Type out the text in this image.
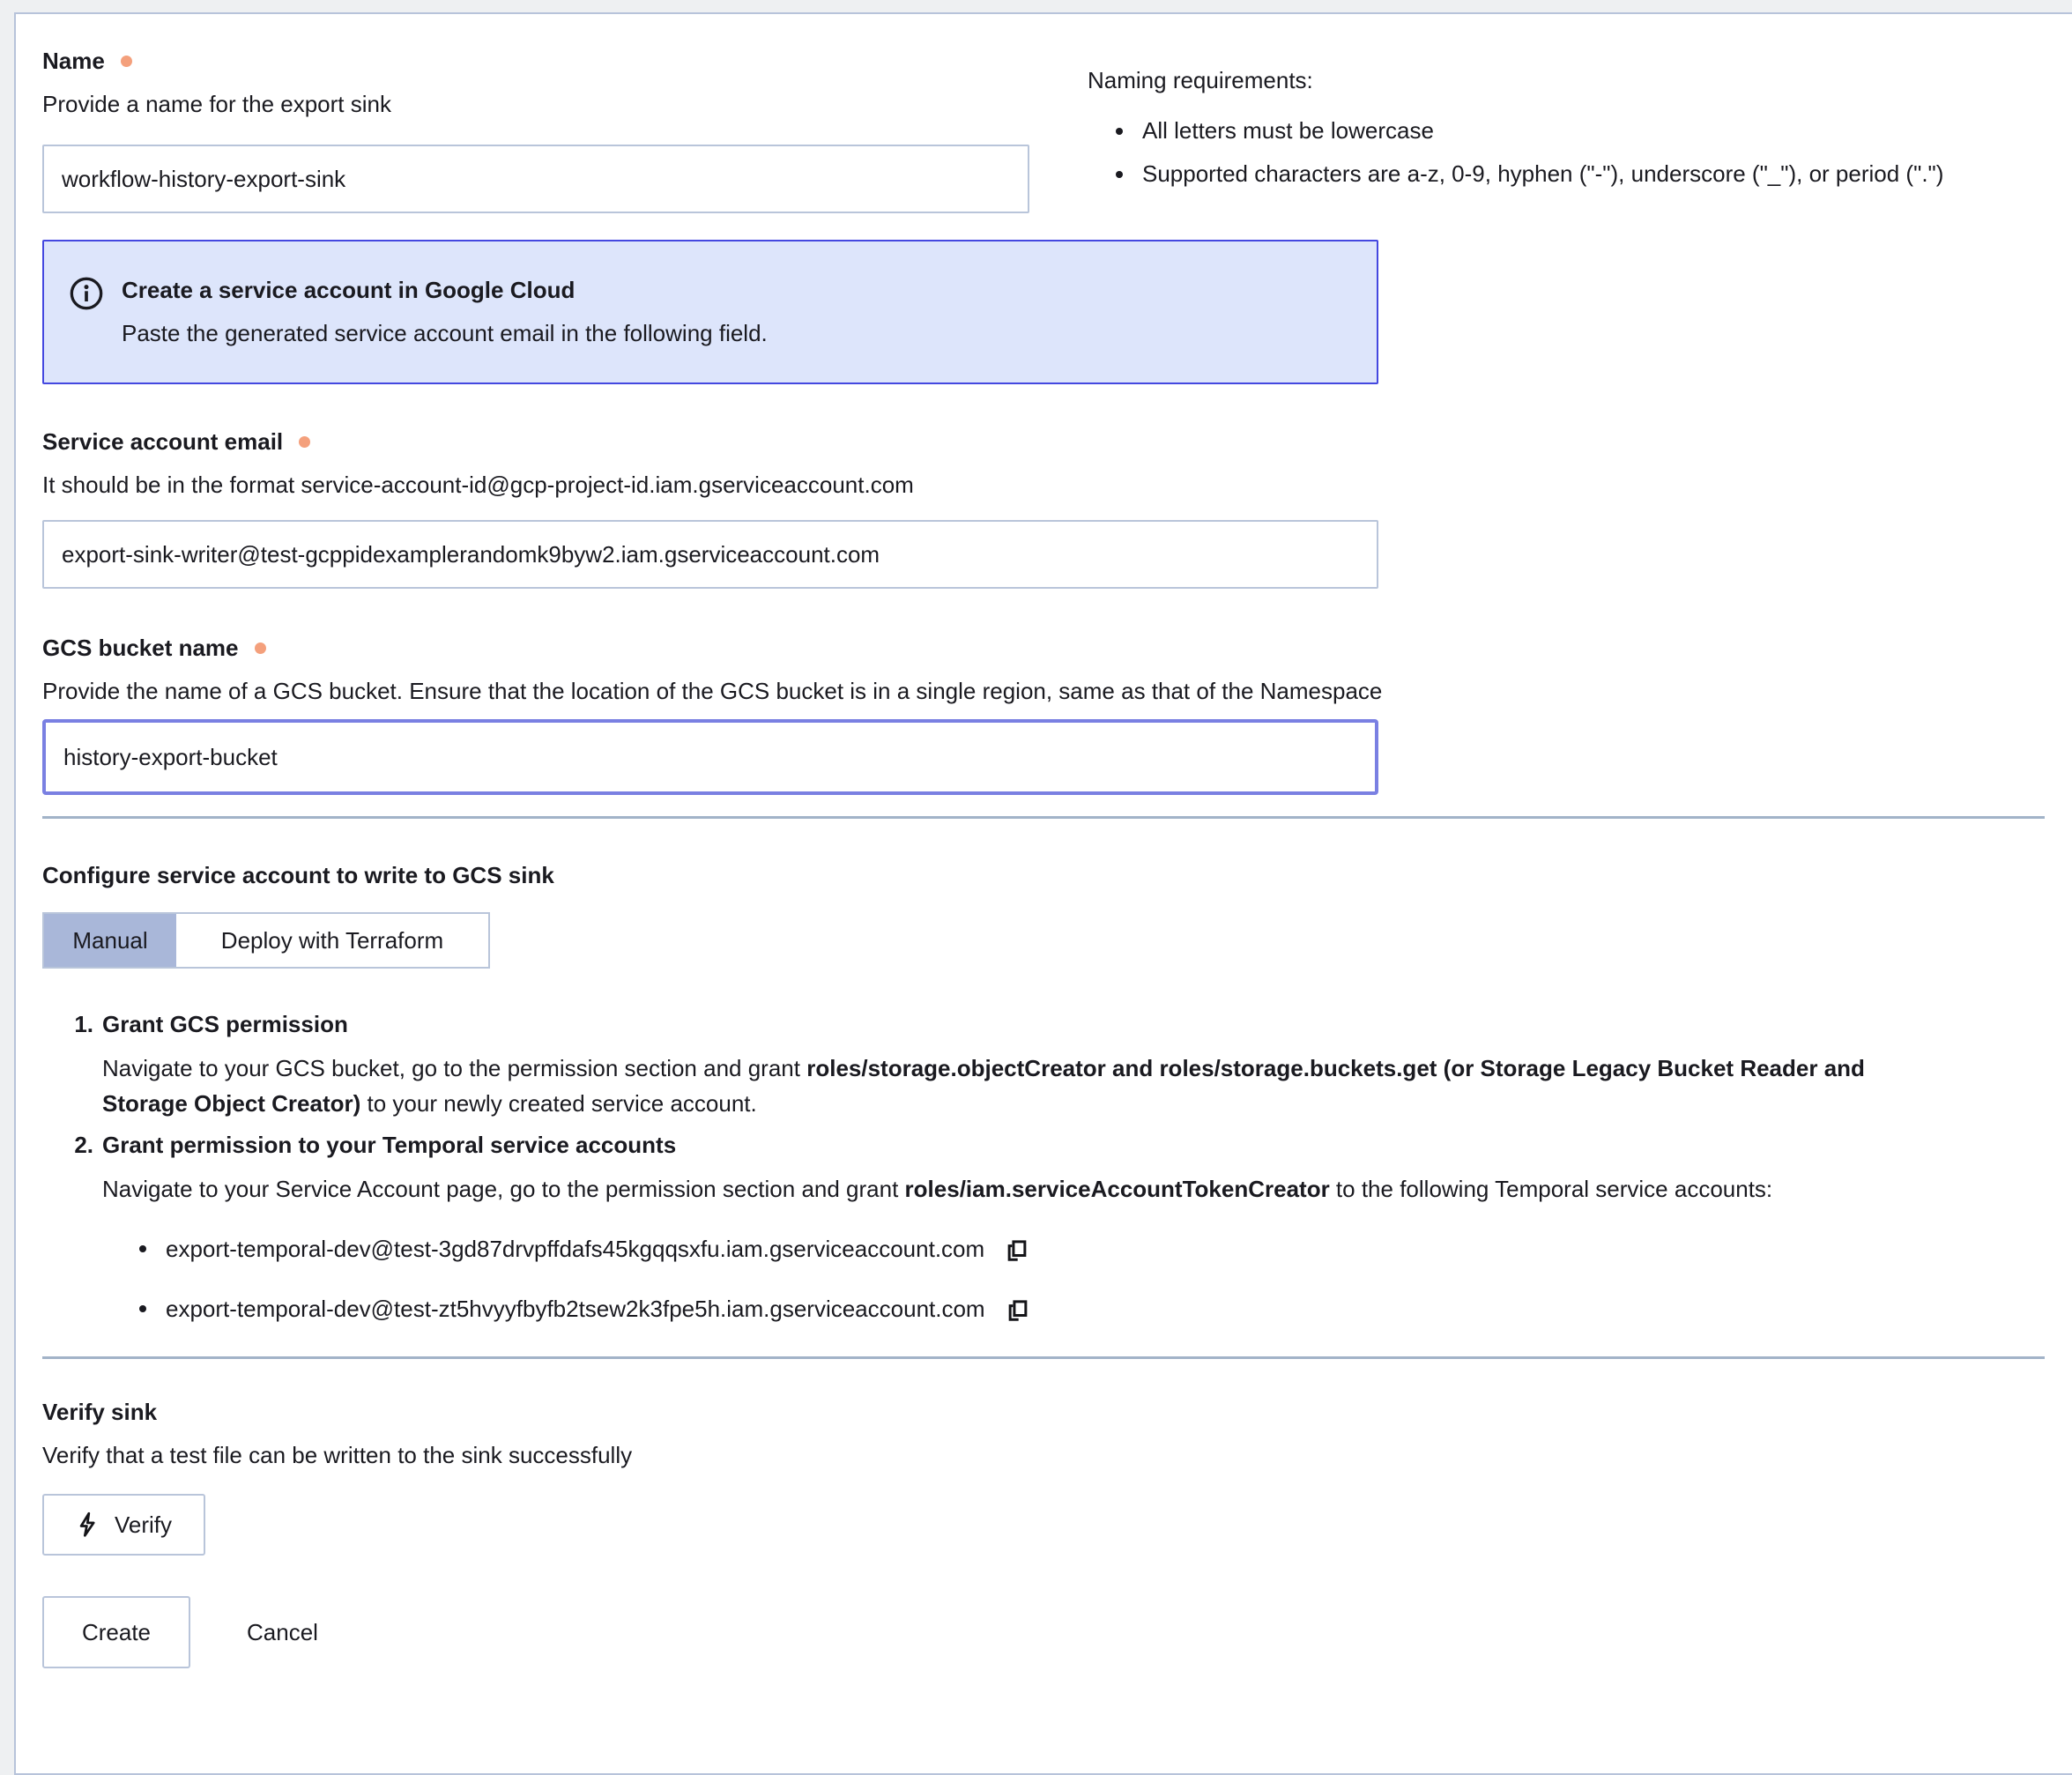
Name
Provide a name for the export sink
workflow-history-export-sink
Naming requirements:
All letters must be lowercase
Supported characters are a-z, 0-9, hyphen ("-"), underscore ("_"), or period (".")
Create a service account in Google Cloud
Paste the generated service account email in the following field.
Service account email
It should be in the format service-account-id@gcp-project-id.iam.gserviceaccount.com
export-sink-writer@test-gcppidexamplerandomk9byw2.iam.gserviceaccount.com
GCS bucket name
Provide the name of a GCS bucket. Ensure that the location of the GCS bucket is in a single region, same as that of the Namespace
history-export-bucket
Configure service account to write to GCS sink
Manual	Deploy with Terraform
1. Grant GCS permission

Navigate to your GCS bucket, go to the permission section and grant roles/storage.objectCreator and roles/storage.buckets.get (or Storage Legacy Bucket Reader and
Storage Object Creator) to your newly created service account.

2. Grant permission to your Temporal service accounts

Navigate to your Service Account page, go to the permission section and grant roles/iam.serviceAccountTokenCreator to the following Temporal service accounts:

export-temporal-dev@test-3gd87drvpffdafs45kgqqsxfu.iam.gserviceaccount.com
export-temporal-dev@test-zt5hvyyfbyfb2tsew2k3fpe5h.iam.gserviceaccount.com
Verify sink
Verify that a test file can be written to the sink successfully
Verify
Create	Cancel
